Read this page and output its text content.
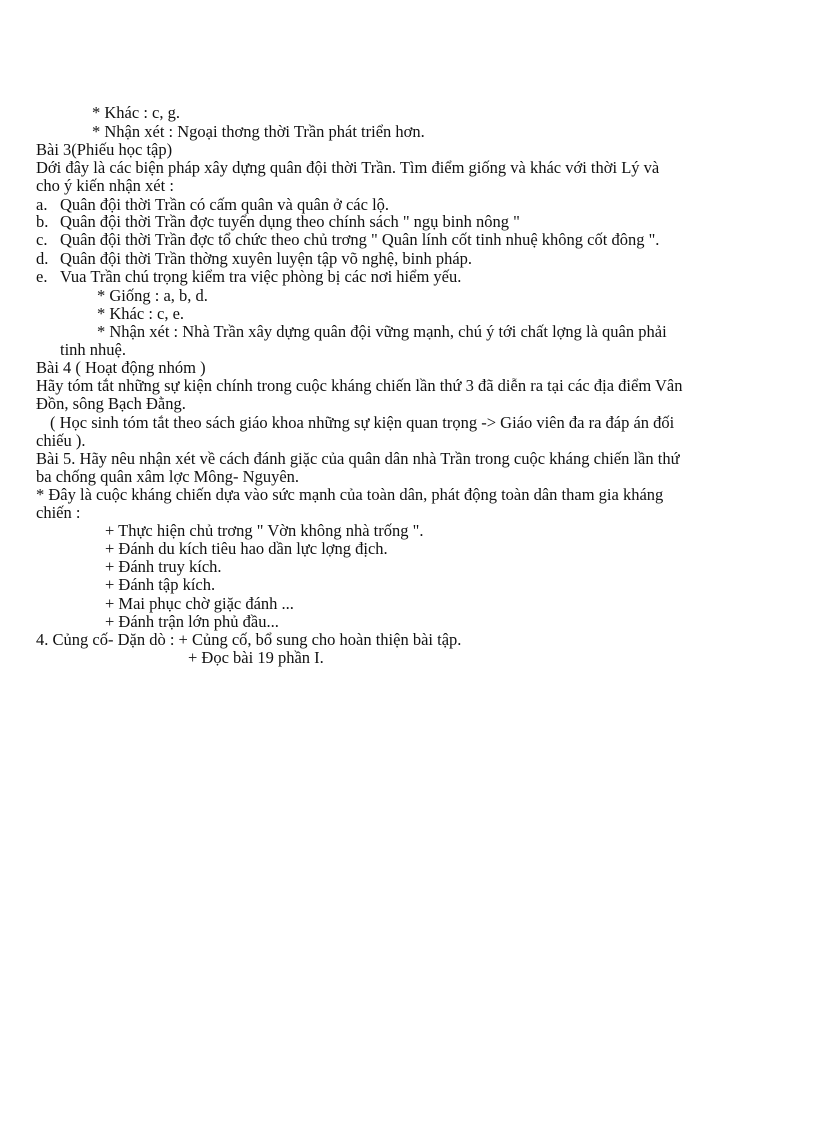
* Khác : c, g.
* Nhận xét : Ngoại thơng thời Trần phát triển hơn.
Bài 3(Phiếu học tập)
Dới đây là các biện pháp xây dựng quân đội thời Trần. Tìm điểm giống và khác với thời Lý và
cho ý kiến nhận xét :
a. Quân đội thời Trần có cấm quân và quân ở các lộ.
b. Quân đội thời Trần đợc tuyển dụng theo chính sách " ngụ binh nông "
c. Quân đội thời Trần đợc tổ chức theo chủ trơng " Quân lính cốt tinh nhuệ không cốt đông ".
d. Quân đội thời Trần thờng xuyên luyện tập võ nghệ, binh pháp.
e. Vua Trần chú trọng kiểm tra việc phòng bị các nơi hiểm yếu.
* Giống : a, b, d.
* Khác : c, e.
* Nhận xét : Nhà Trần xây dựng quân đội vững mạnh, chú ý tới chất lợng là quân phải
tinh nhuệ.
Bài 4 ( Hoạt động nhóm )
Hãy tóm tắt những sự kiện chính trong cuộc kháng chiến lần thứ 3 đã diễn ra tại các địa điểm Vân
Đồn, sông Bạch Đằng.
( Học sinh tóm tắt theo sách giáo khoa những sự kiện quan trọng -> Giáo viên đa ra đáp án đối
chiếu ).
Bài 5. Hãy nêu nhận xét về cách đánh giặc của quân dân nhà Trần trong cuộc kháng chiến lần thứ
ba chống quân xâm lợc Mông- Nguyên.
* Đây là cuộc kháng chiến dựa vào sức mạnh của toàn dân, phát động toàn dân tham gia kháng
chiến :
+ Thực hiện chủ trơng " Vờn không nhà trống ".
+ Đánh du kích tiêu hao dần lực lợng địch.
+ Đánh truy kích.
+ Đánh tập kích.
+ Mai phục chờ giặc đánh ...
+ Đánh trận lớn phủ đầu...
4. Củng cố- Dặn dò : + Củng cố, bổ sung cho hoàn thiện bài tập.
+ Đọc bài 19 phần I.
